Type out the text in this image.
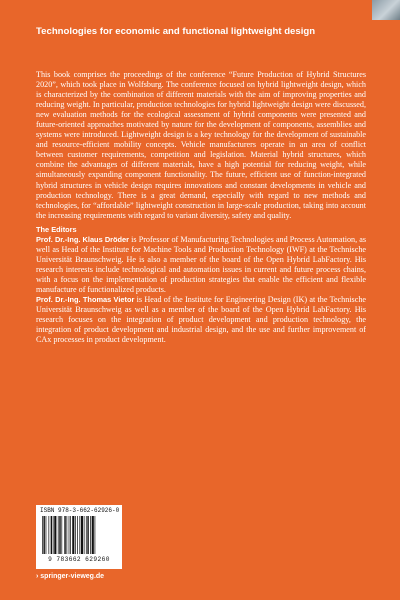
Technologies for economic and functional lightweight design

This book comprises the proceedings of the conference “Future Production of Hybrid Structures 2020”, which took place in Wolfsburg. The conference focused on hybrid lightweight design, which is characterized by the combination of different materials with the aim of improving properties and reducing weight. In particular, production technologies for hybrid lightweight design were discussed, new evaluation methods for the ecological assessment of hybrid components were presented and future-oriented approaches motivated by nature for the development of components, assemblies and systems were introduced. Lightweight design is a key technology for the development of sustainable and resource-efficient mobility concepts. Vehicle manufacturers operate in an area of conflict between customer requirements, competition and legislation. Material hybrid structures, which combine the advantages of different materials, have a high potential for reducing weight, while simultaneously expanding component functionality. The future, efficient use of function-integrated hybrid structures in vehicle design requires innovations and constant developments in vehicle and production technology. There is a great demand, especially with regard to new methods and technologies, for “affordable” lightweight construction in large-scale production, taking into account the increasing requirements with regard to variant diversity, safety and quality.

The Editors

Prof. Dr.-Ing. Klaus Dröder is Professor of Manufacturing Technologies and Process Automation, as well as Head of the Institute for Machine Tools and Production Technology (IWF) at the Technische Universität Braunschweig. He is also a member of the board of the Open Hybrid LabFactory. His research interests include technological and automation issues in current and future process chains, with a focus on the implementation of production strategies that enable the efficient and flexible manufacture of functionalized products.

Prof. Dr.-Ing. Thomas Vietor is Head of the Institute for Engineering Design (IK) at the Technische Universität Braunschweig as well as a member of the board of the Open Hybrid LabFactory. His research focuses on the integration of product development and production technology, the integration of product development and industrial design, and the use and further improvement of CAx processes in product development.

ISBN 978-3-662-62926-0
9 783662 629260
› springer-vieweg.de
